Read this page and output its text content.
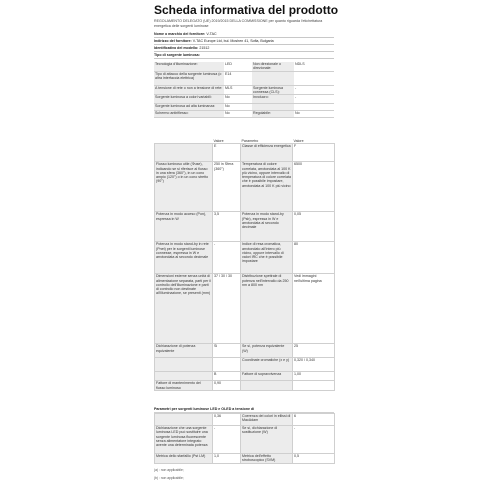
Scheda informativa del prodotto
REGOLAMENTO DELEGATO (UE) 2019/2015 DELLA COMMISSIONE per quanto riguarda l'etichettatura energetica delle sorgenti luminose
Nome o marchio del fornitore: V-TAC
Indirizzo del fornitore: V-TAC Europe Ltd, bul. Moshen 41, Sofia, Bulgaria
Identificativo del modello: 21512
Tipo di sorgente luminosa:
Tecnologia d'illuminazione:	LED	Non direzionale o direzionale:	NDLS
Tipo di attacco della sorgente luminosa (o altra interfaccia elettrica)	E14		
A tensione di rete o non a tensione di rete:	MLS	Sorgente luminosa connessa (CLS):	-
Sorgente luminosa a colori variabili:	No	Involucro:	-
Sorgente luminosa ad alta luminanza:	No		
Schermo antiriflesso:	No	Regolabile:	No
	Valore	Parametro	Valore
	E	Classe di efficienza energetica	F
Flusso luminoso utile (Φuse), indicando se si riferisce al flusso in una sfera (360°), in un cono ampio (120°) o in un cono stretto (90°)	250 in Sfera (360°)	Temperatura di colore correlata, arrotondata al 100 K più vicino, oppure intervallo di temperatura di colore correlata che è possibile impostare, arrotondata al 100 K più vicino	6500
Potenza in modo acceso (Pon), espressa in W	3,5	Potenza in modo stand-by (Psb), espressa in W e arrotondata al secondo decimale	0,05
Potenza in modo stand-by in rete (Pnet) per le sorgenti luminose connesse, espressa in W e arrotondata al secondo decimale	-	Indice di resa cromatica, arrotondato all'intero più vicino, oppure intervallo di valori IRC che è possibile impostare	80
Dimensioni esterne senza unità di alimentazione separata, parti per il controllo dell'illuminazione e parti di controllo non destinate all'illuminazione, se presenti (mm)	37 / 30 / 30	Distribuzione spettrale di potenza nell'intervallo da 250 nm a 800 nm	Vedi immagini nell'ultima pagina
Dichiarazione di potenza equivalente	Si	Se sì, potenza equivalente (W)	25
		Coordinate cromatiche (x e y)	0,320 / 0,340
	B	Fattore di sopravvivenza	1,00
Fattore di mantenimento del flusso luminoso	0,90		
Parametri per sorgenti luminose LED e OLED a tensione di
	0,36	Coerenza dei colori in ellissi di MacAdam	6
Dichiarazione che una sorgente luminosa LED può sostituire una sorgente luminosa fluorescente senza alimentatore integrato avente una determinata potenza	-	Se sì, dichiarazione di sostituzione (W)	-
Metrica dello sfarfallio (Pst LM)	1,0	Metrica dell'effetto stroboscopico (SVM)	0,5
(a) : non applicabile;
(b) : non applicabile;
